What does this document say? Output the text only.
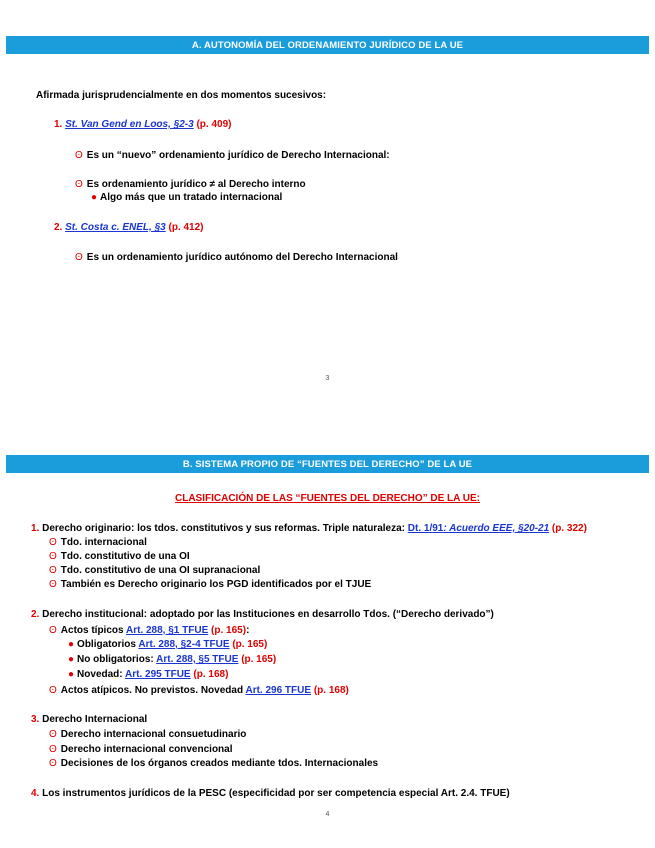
A. AUTONOMÍA DEL ORDENAMIENTO JURÍDICO DE LA UE
Afirmada jurisprudencialmente en dos momentos sucesivos:
1. St. Van Gend en Loos, §2-3 (p. 409)
ʘ Es un “nuevo” ordenamiento jurídico de Derecho Internacional:
ʘ Es ordenamiento jurídico ≠ al Derecho interno
● Algo más que un tratado internacional
2. St. Costa c. ENEL, §3 (p. 412)
ʘ Es un ordenamiento jurídico autónomo del Derecho Internacional
3
B. SISTEMA PROPIO DE “FUENTES DEL DERECHO” DE LA UE
CLASIFICACIÓN DE LAS “FUENTES DEL DERECHO” DE LA UE:
1. Derecho originario: los tdos. constitutivos y sus reformas. Triple naturaleza: Dt. 1/91: Acuerdo EEE, §20-21 (p. 322)
ʘ Tdo. internacional
ʘ Tdo. constitutivo de una OI
ʘ Tdo. constitutivo de una OI supranacional
ʘ También es Derecho originario los PGD identificados por el TJUE
2. Derecho institucional: adoptado por las Instituciones en desarrollo Tdos. (“Derecho derivado”)
ʘ Actos típicos Art. 288, §1 TFUE (p. 165):
● Obligatorios Art. 288, §2-4 TFUE (p. 165)
● No obligatorios: Art. 288, §5 TFUE (p. 165)
● Novedad: Art. 295 TFUE (p. 168)
ʘ Actos atípicos. No previstos. Novedad Art. 296 TFUE (p. 168)
3. Derecho Internacional
ʘ Derecho internacional consuetudinario
ʘ Derecho internacional convencional
ʘ Decisiones de los órganos creados mediante tdos. Internacionales
4. Los instrumentos jurídicos de la PESC (especificidad por ser competencia especial Art. 2.4. TFUE)
4
